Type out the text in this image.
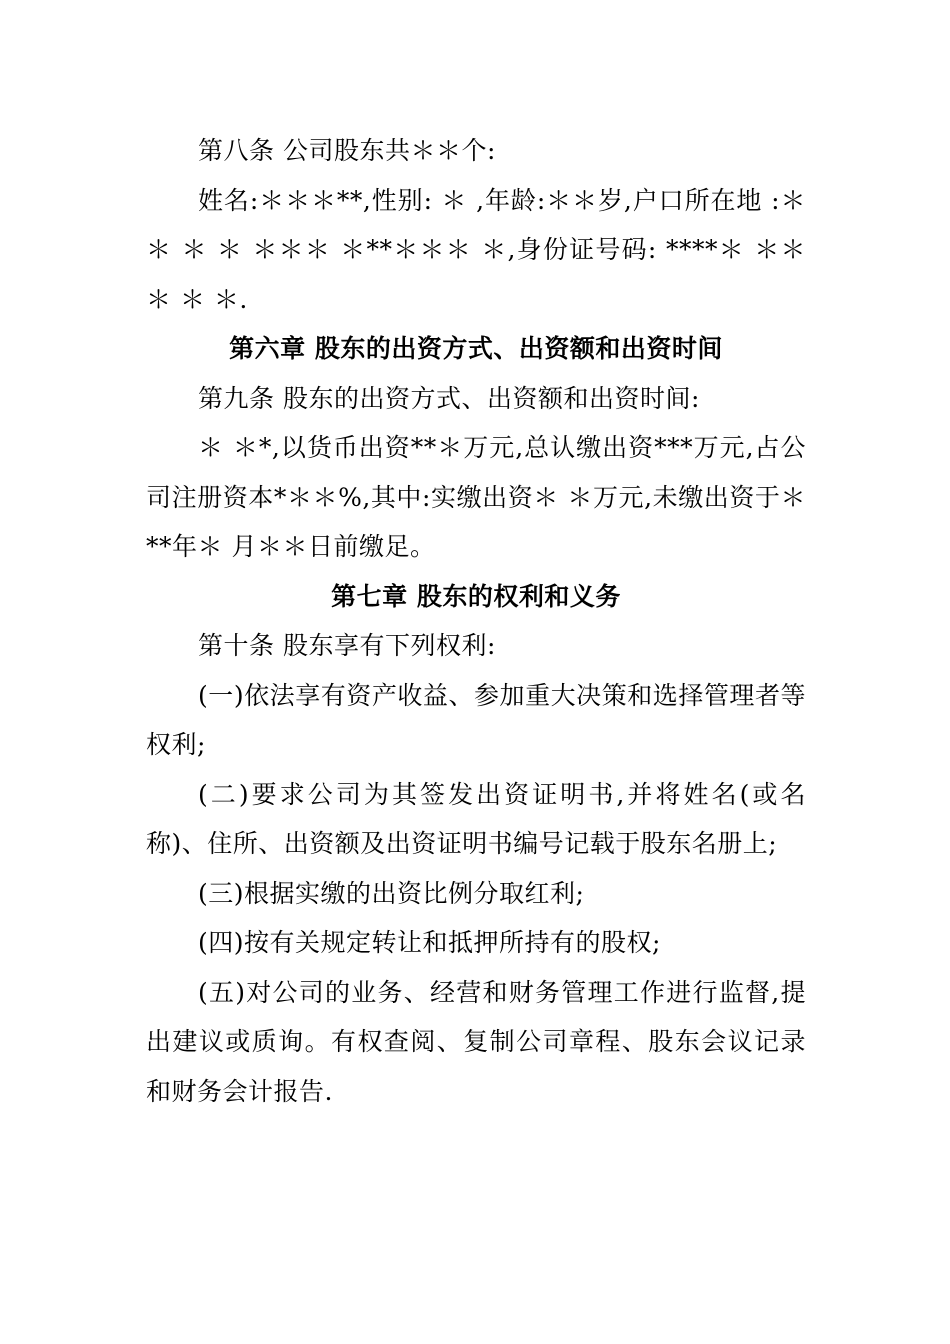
第八条 公司股东共＊＊个:

姓名:＊＊＊**,性别: ＊ ,年龄:＊＊岁,户口所在地 :＊＊ ＊ ＊ ＊＊＊ ＊**＊＊＊ ＊,身份证号码: ****＊ ＊＊＊ ＊ ＊.

第六章 股东的出资方式、出资额和出资时间

第九条 股东的出资方式、出资额和出资时间:

＊ ＊*,以货币出资**＊万元,总认缴出资***万元,占公司注册资本*＊＊%,其中:实缴出资＊ ＊万元,未缴出资于＊**年＊ 月＊＊日前缴足。

第七章 股东的权利和义务

第十条 股东享有下列权利:

(一)依法享有资产收益、参加重大决策和选择管理者等权利;

(二)要求公司为其签发出资证明书,并将姓名(或名称)、住所、出资额及出资证明书编号记载于股东名册上;

(三)根据实缴的出资比例分取红利;

(四)按有关规定转让和抵押所持有的股权;

(五)对公司的业务、经营和财务管理工作进行监督,提出建议或质询。有权查阅、复制公司章程、股东会议记录和财务会计报告.
